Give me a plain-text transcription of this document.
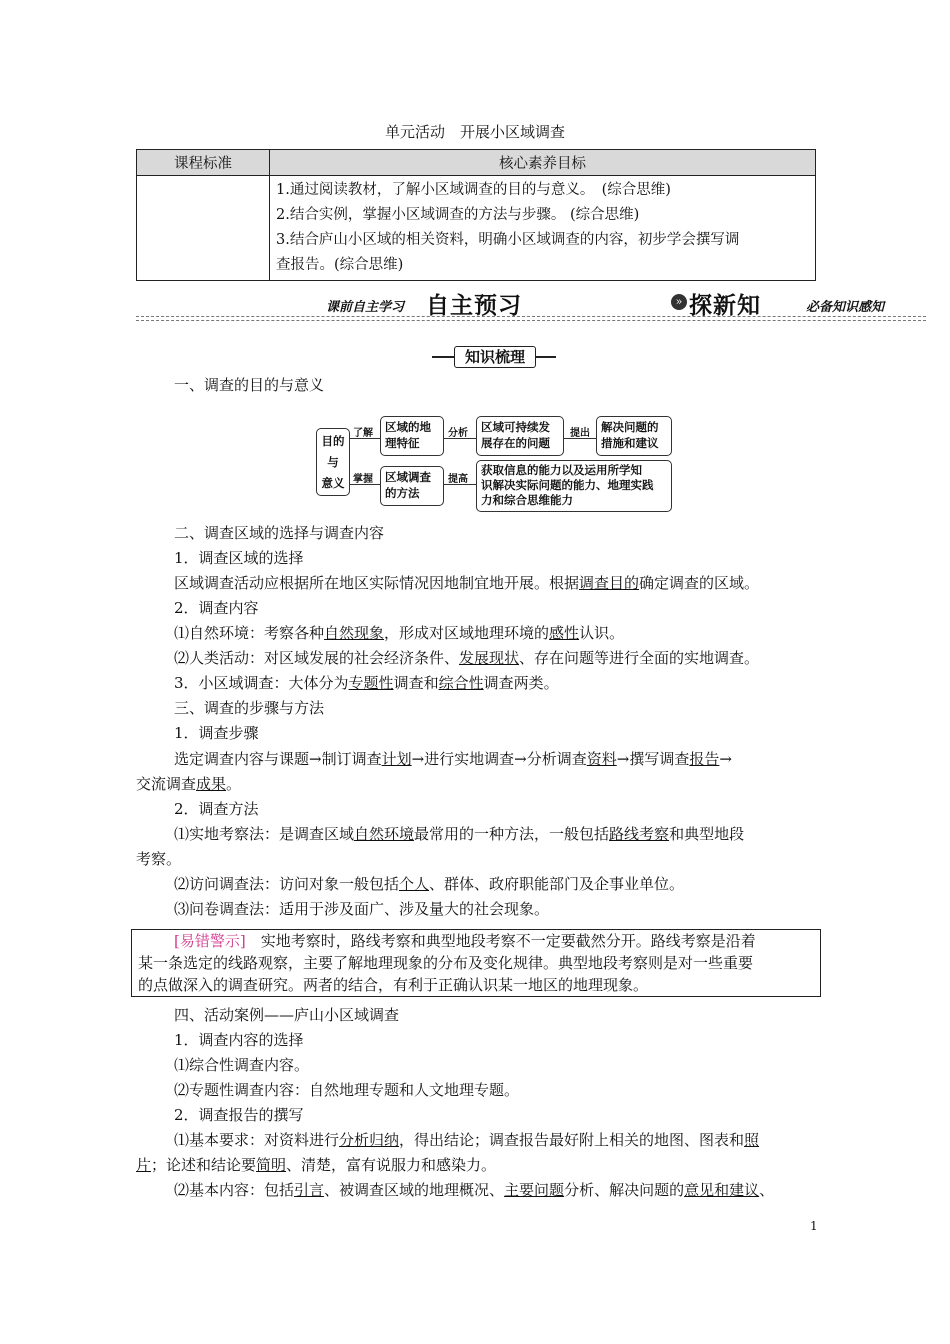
单元活动　开展小区域调查
课程标准	核心素养目标

	1.通过阅读教材，了解小区域调查的目的与意义。　(综合思维)
2.结合实例，掌握小区域调查的方法与步骤。 (综合思维)
3.结合庐山小区域的相关资料，明确小区域调查的内容，初步学会撰写调
查报告。(综合思维)
课前自主学习 自主预习	» 探新知	必备知识感知
知识梳理
一、调查的目的与意义
目的
与
意义
了解
掌握
区域的地
理特征
分析 区域可持续发
展存在的问题
提出 解决问题的
措施和建议
区域调查
的方法
提高
获取信息的能力以及运用所学知
识解决实际问题的能力、地理实践
力和综合思维能力
二、调查区域的选择与调查内容
1．调查区域的选择
区域调查活动应根据所在地区实际情况因地制宜地开展。根据调查目的确定调查的区域。
2．调查内容
⑴自然环境：考察各种自然现象，形成对区域地理环境的感性认识。
⑵人类活动：对区域发展的社会经济条件、发展现状、存在问题等进行全面的实地调查。
3．小区域调查：大体分为专题性调查和综合性调查两类。
三、调查的步骤与方法
1．调查步骤
选定调查内容与课题→制订调查计划→进行实地调查→分析调查资料→撰写调查报告→
交流调查成果。
2．调查方法
⑴实地考察法：是调查区域自然环境最常用的一种方法，一般包括路线考察和典型地段
考察。
⑵访问调查法：访问对象一般包括个人、群体、政府职能部门及企事业单位。
⑶问卷调查法：适用于涉及面广、涉及量大的社会现象。
[易错警示]　实地考察时，路线考察和典型地段考察不一定要截然分开。路线考察是沿着
某一条选定的线路观察，主要了解地理现象的分布及变化规律。典型地段考察则是对一些重要
的点做深入的调查研究。两者的结合，有利于正确认识某一地区的地理现象。
四、活动案例——庐山小区域调查
1．调查内容的选择
⑴综合性调查内容。
⑵专题性调查内容：自然地理专题和人文地理专题。
2．调查报告的撰写
⑴基本要求：对资料进行分析归纳，得出结论；调查报告最好附上相关的地图、图表和照
片；论述和结论要简明、清楚，富有说服力和感染力。
⑵基本内容：包括引言、被调查区域的地理概况、主要问题分析、解决问题的意见和建议、
1
